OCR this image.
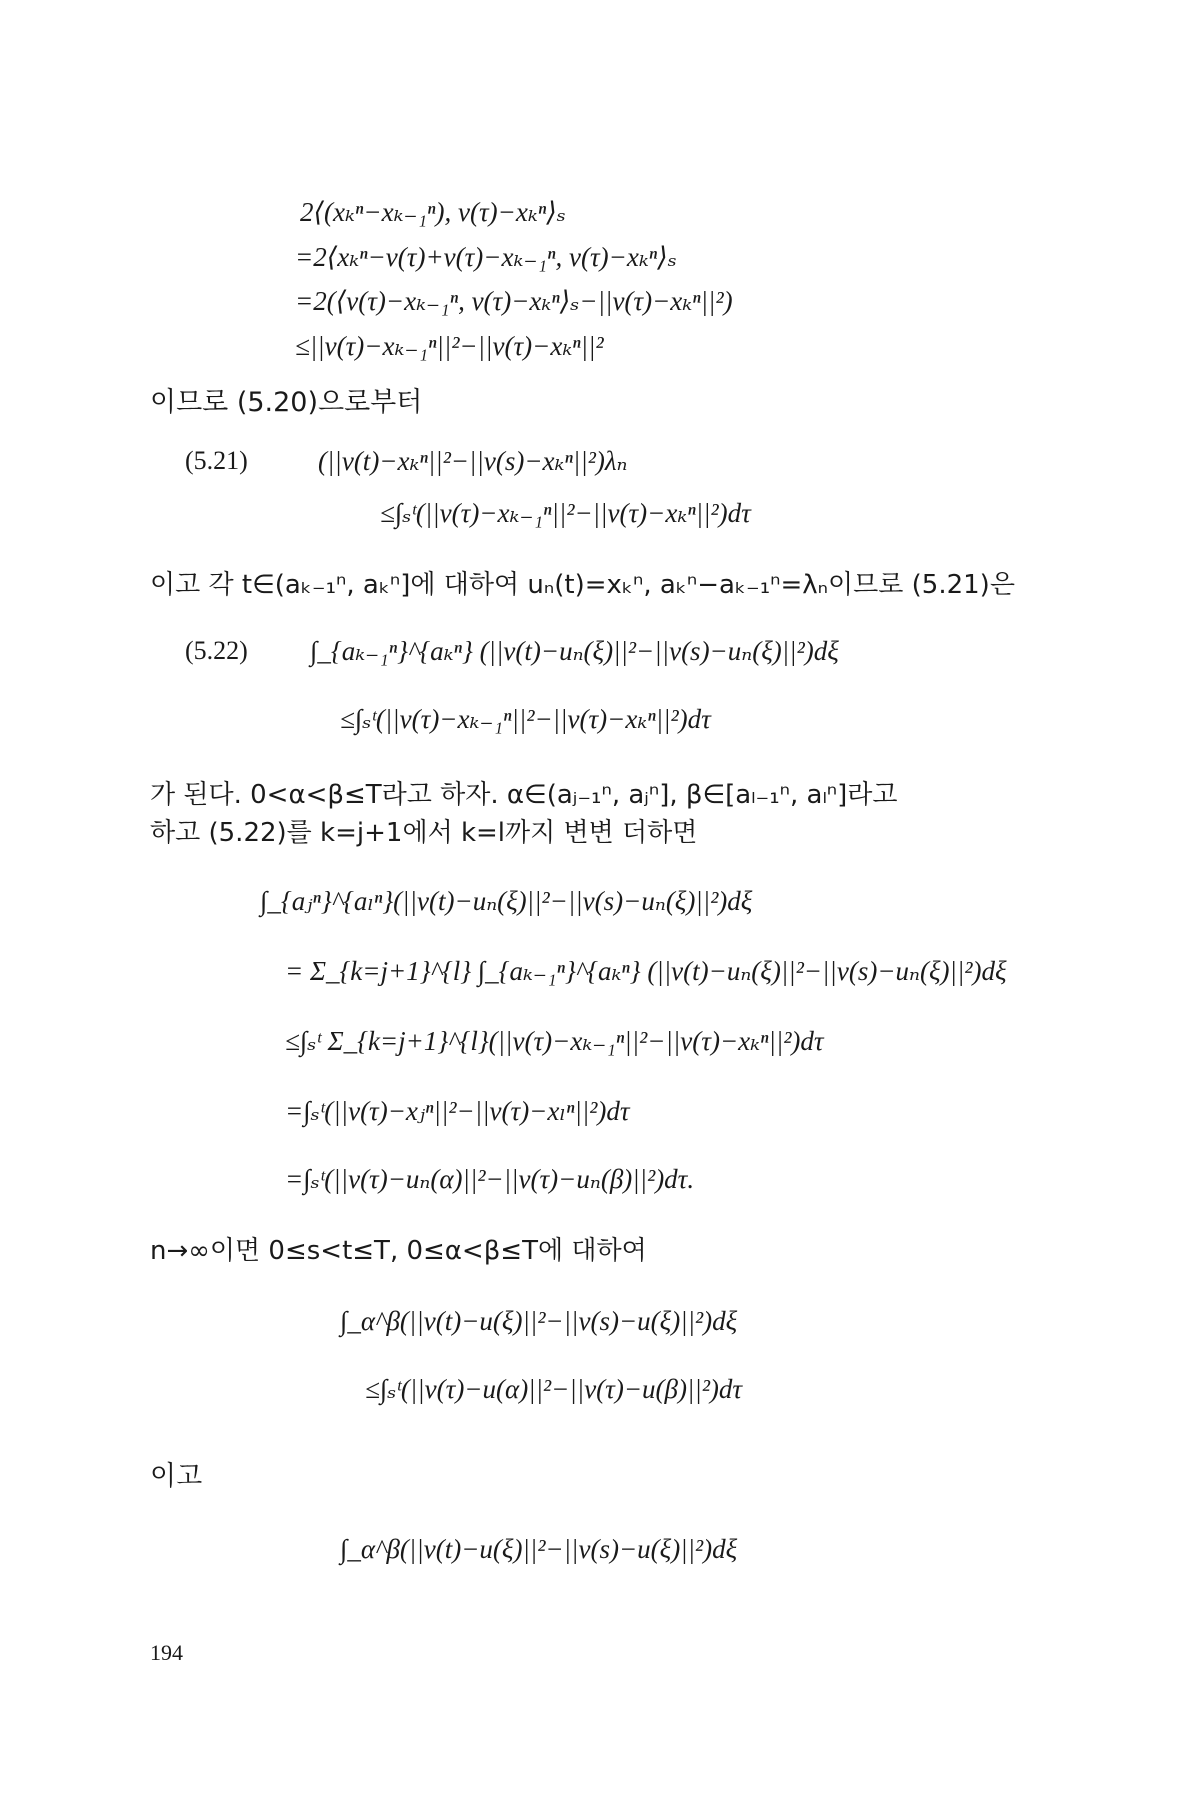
2⟨(xₖⁿ−xₖ₋₁ⁿ), v(τ)−xₖⁿ⟩ₛ
=2⟨xₖⁿ−v(τ)+v(τ)−xₖ₋₁ⁿ, v(τ)−xₖⁿ⟩ₛ
=2(⟨v(τ)−xₖ₋₁ⁿ, v(τ)−xₖⁿ⟩ₛ−||v(τ)−xₖⁿ||²)
≤||v(τ)−xₖ₋₁ⁿ||²−||v(τ)−xₖⁿ||²
이므로 (5.20)으로부터
(5.21)	(||v(t)−xₖⁿ||²−||v(s)−xₖⁿ||²)λₙ
≤∫ₛᵗ(||v(τ)−xₖ₋₁ⁿ||²−||v(τ)−xₖⁿ||²)dτ
이고 각 t∈(aₖ₋₁ⁿ, aₖⁿ]에 대하여 uₙ(t)=xₖⁿ, aₖⁿ−aₖ₋₁ⁿ=λₙ이므로 (5.21)은
(5.22) ∫_{aₖ₋₁ⁿ}^{aₖⁿ} (||v(t)−uₙ(ξ)||²−||v(s)−uₙ(ξ)||²)dξ
≤∫ₛᵗ(||v(τ)−xₖ₋₁ⁿ||²−||v(τ)−xₖⁿ||²)dτ
가 된다. 0<α<β≤T라고 하자. α∈(aⱼ₋₁ⁿ, aⱼⁿ], β∈[aₗ₋₁ⁿ, aₗⁿ]라고
하고 (5.22)를 k=j+1에서 k=l까지 변변 더하면
∫_{aⱼⁿ}^{aₗⁿ}(||v(t)−uₙ(ξ)||²−||v(s)−uₙ(ξ)||²)dξ
= Σ_{k=j+1}^{l} ∫_{aₖ₋₁ⁿ}^{aₖⁿ} (||v(t)−uₙ(ξ)||²−||v(s)−uₙ(ξ)||²)dξ
≤∫ₛᵗ Σ_{k=j+1}^{l}(||v(τ)−xₖ₋₁ⁿ||²−||v(τ)−xₖⁿ||²)dτ
=∫ₛᵗ(||v(τ)−xⱼⁿ||²−||v(τ)−xₗⁿ||²)dτ
=∫ₛᵗ(||v(τ)−uₙ(α)||²−||v(τ)−uₙ(β)||²)dτ.
n→∞이면 0≤s<t≤T, 0≤α<β≤T에 대하여
∫_α^β(||v(t)−u(ξ)||²−||v(s)−u(ξ)||²)dξ
≤∫ₛᵗ(||v(τ)−u(α)||²−||v(τ)−u(β)||²)dτ
이고
∫_α^β(||v(t)−u(ξ)||²−||v(s)−u(ξ)||²)dξ
194
